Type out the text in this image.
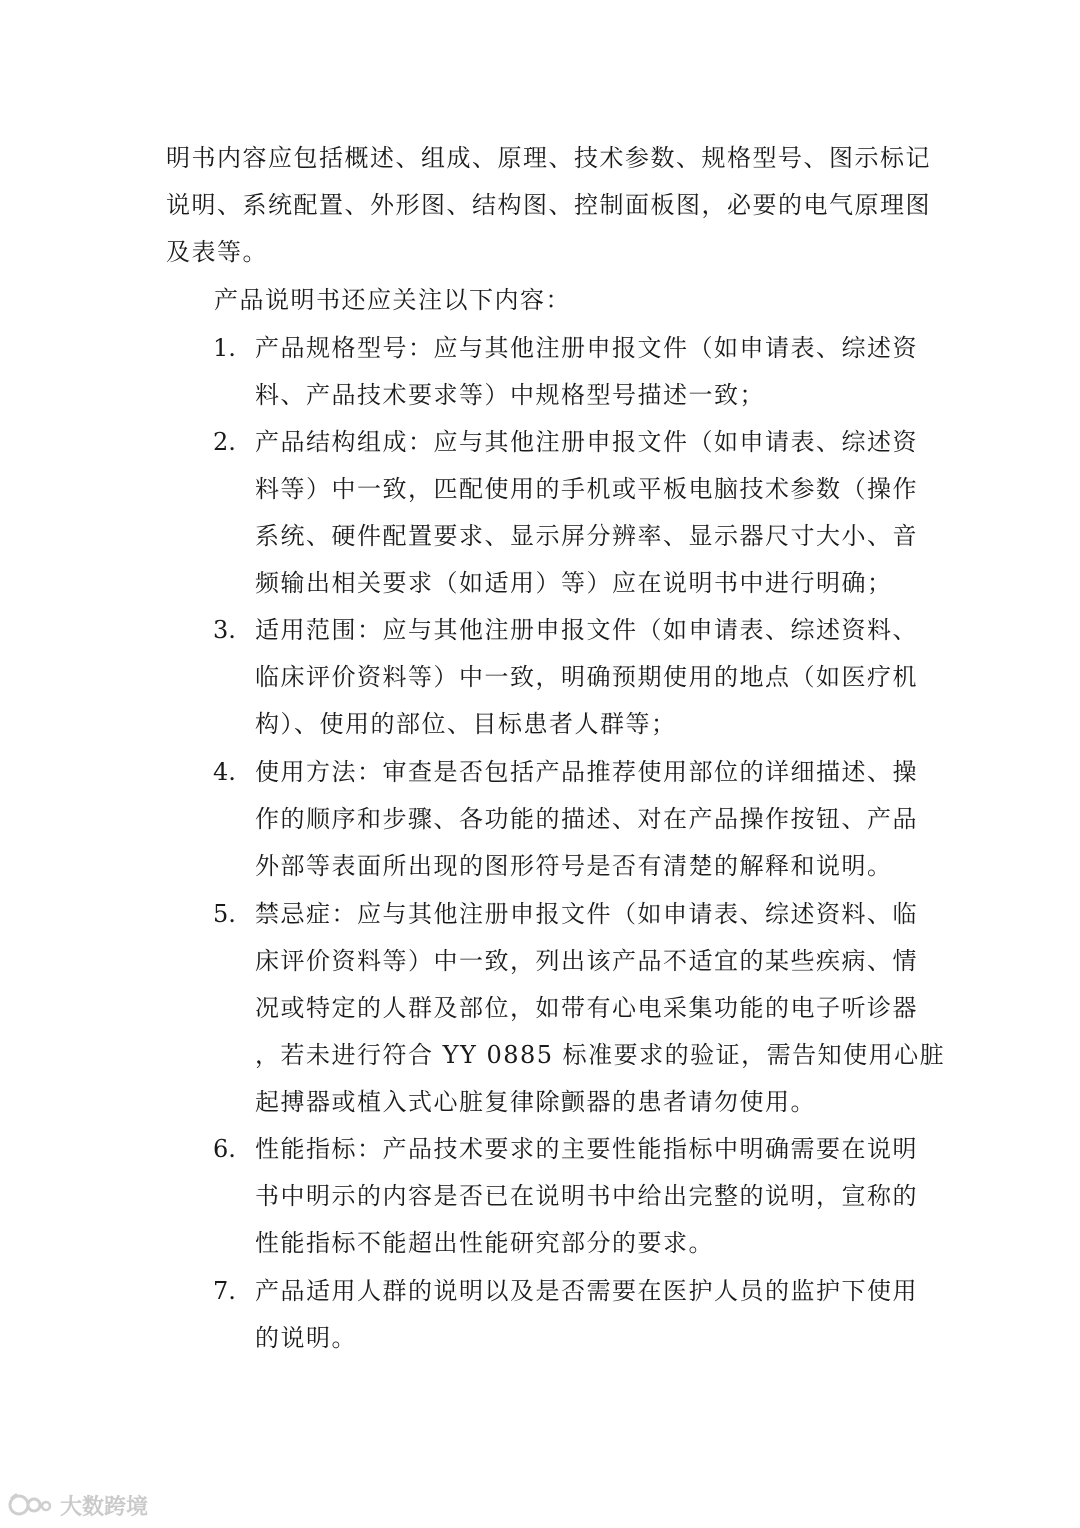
明书内容应包括概述、组成、原理、技术参数、规格型号、图示标记
说明、系统配置、外形图、结构图、控制面板图，必要的电气原理图
及表等。
产品说明书还应关注以下内容：
1. 产品规格型号：应与其他注册申报文件（如申请表、综述资
料、产品技术要求等）中规格型号描述一致；
2. 产品结构组成：应与其他注册申报文件（如申请表、综述资
料等）中一致，匹配使用的手机或平板电脑技术参数（操作
系统、硬件配置要求、显示屏分辨率、显示器尺寸大小、音
频输出相关要求（如适用）等）应在说明书中进行明确；
3. 适用范围：应与其他注册申报文件（如申请表、综述资料、
临床评价资料等）中一致，明确预期使用的地点（如医疗机
构）、使用的部位、目标患者人群等；
4. 使用方法：审查是否包括产品推荐使用部位的详细描述、操
作的顺序和步骤、各功能的描述、对在产品操作按钮、产品
外部等表面所出现的图形符号是否有清楚的解释和说明。
5. 禁忌症：应与其他注册申报文件（如申请表、综述资料、临
床评价资料等）中一致，列出该产品不适宜的某些疾病、情
况或特定的人群及部位，如带有心电采集功能的电子听诊器
，若未进行符合 YY 0885 标准要求的验证，需告知使用心脏
起搏器或植入式心脏复律除颤器的患者请勿使用。
6. 性能指标：产品技术要求的主要性能指标中明确需要在说明
书中明示的内容是否已在说明书中给出完整的说明，宣称的
性能指标不能超出性能研究部分的要求。
7. 产品适用人群的说明以及是否需要在医护人员的监护下使用
的说明。
大数跨境
